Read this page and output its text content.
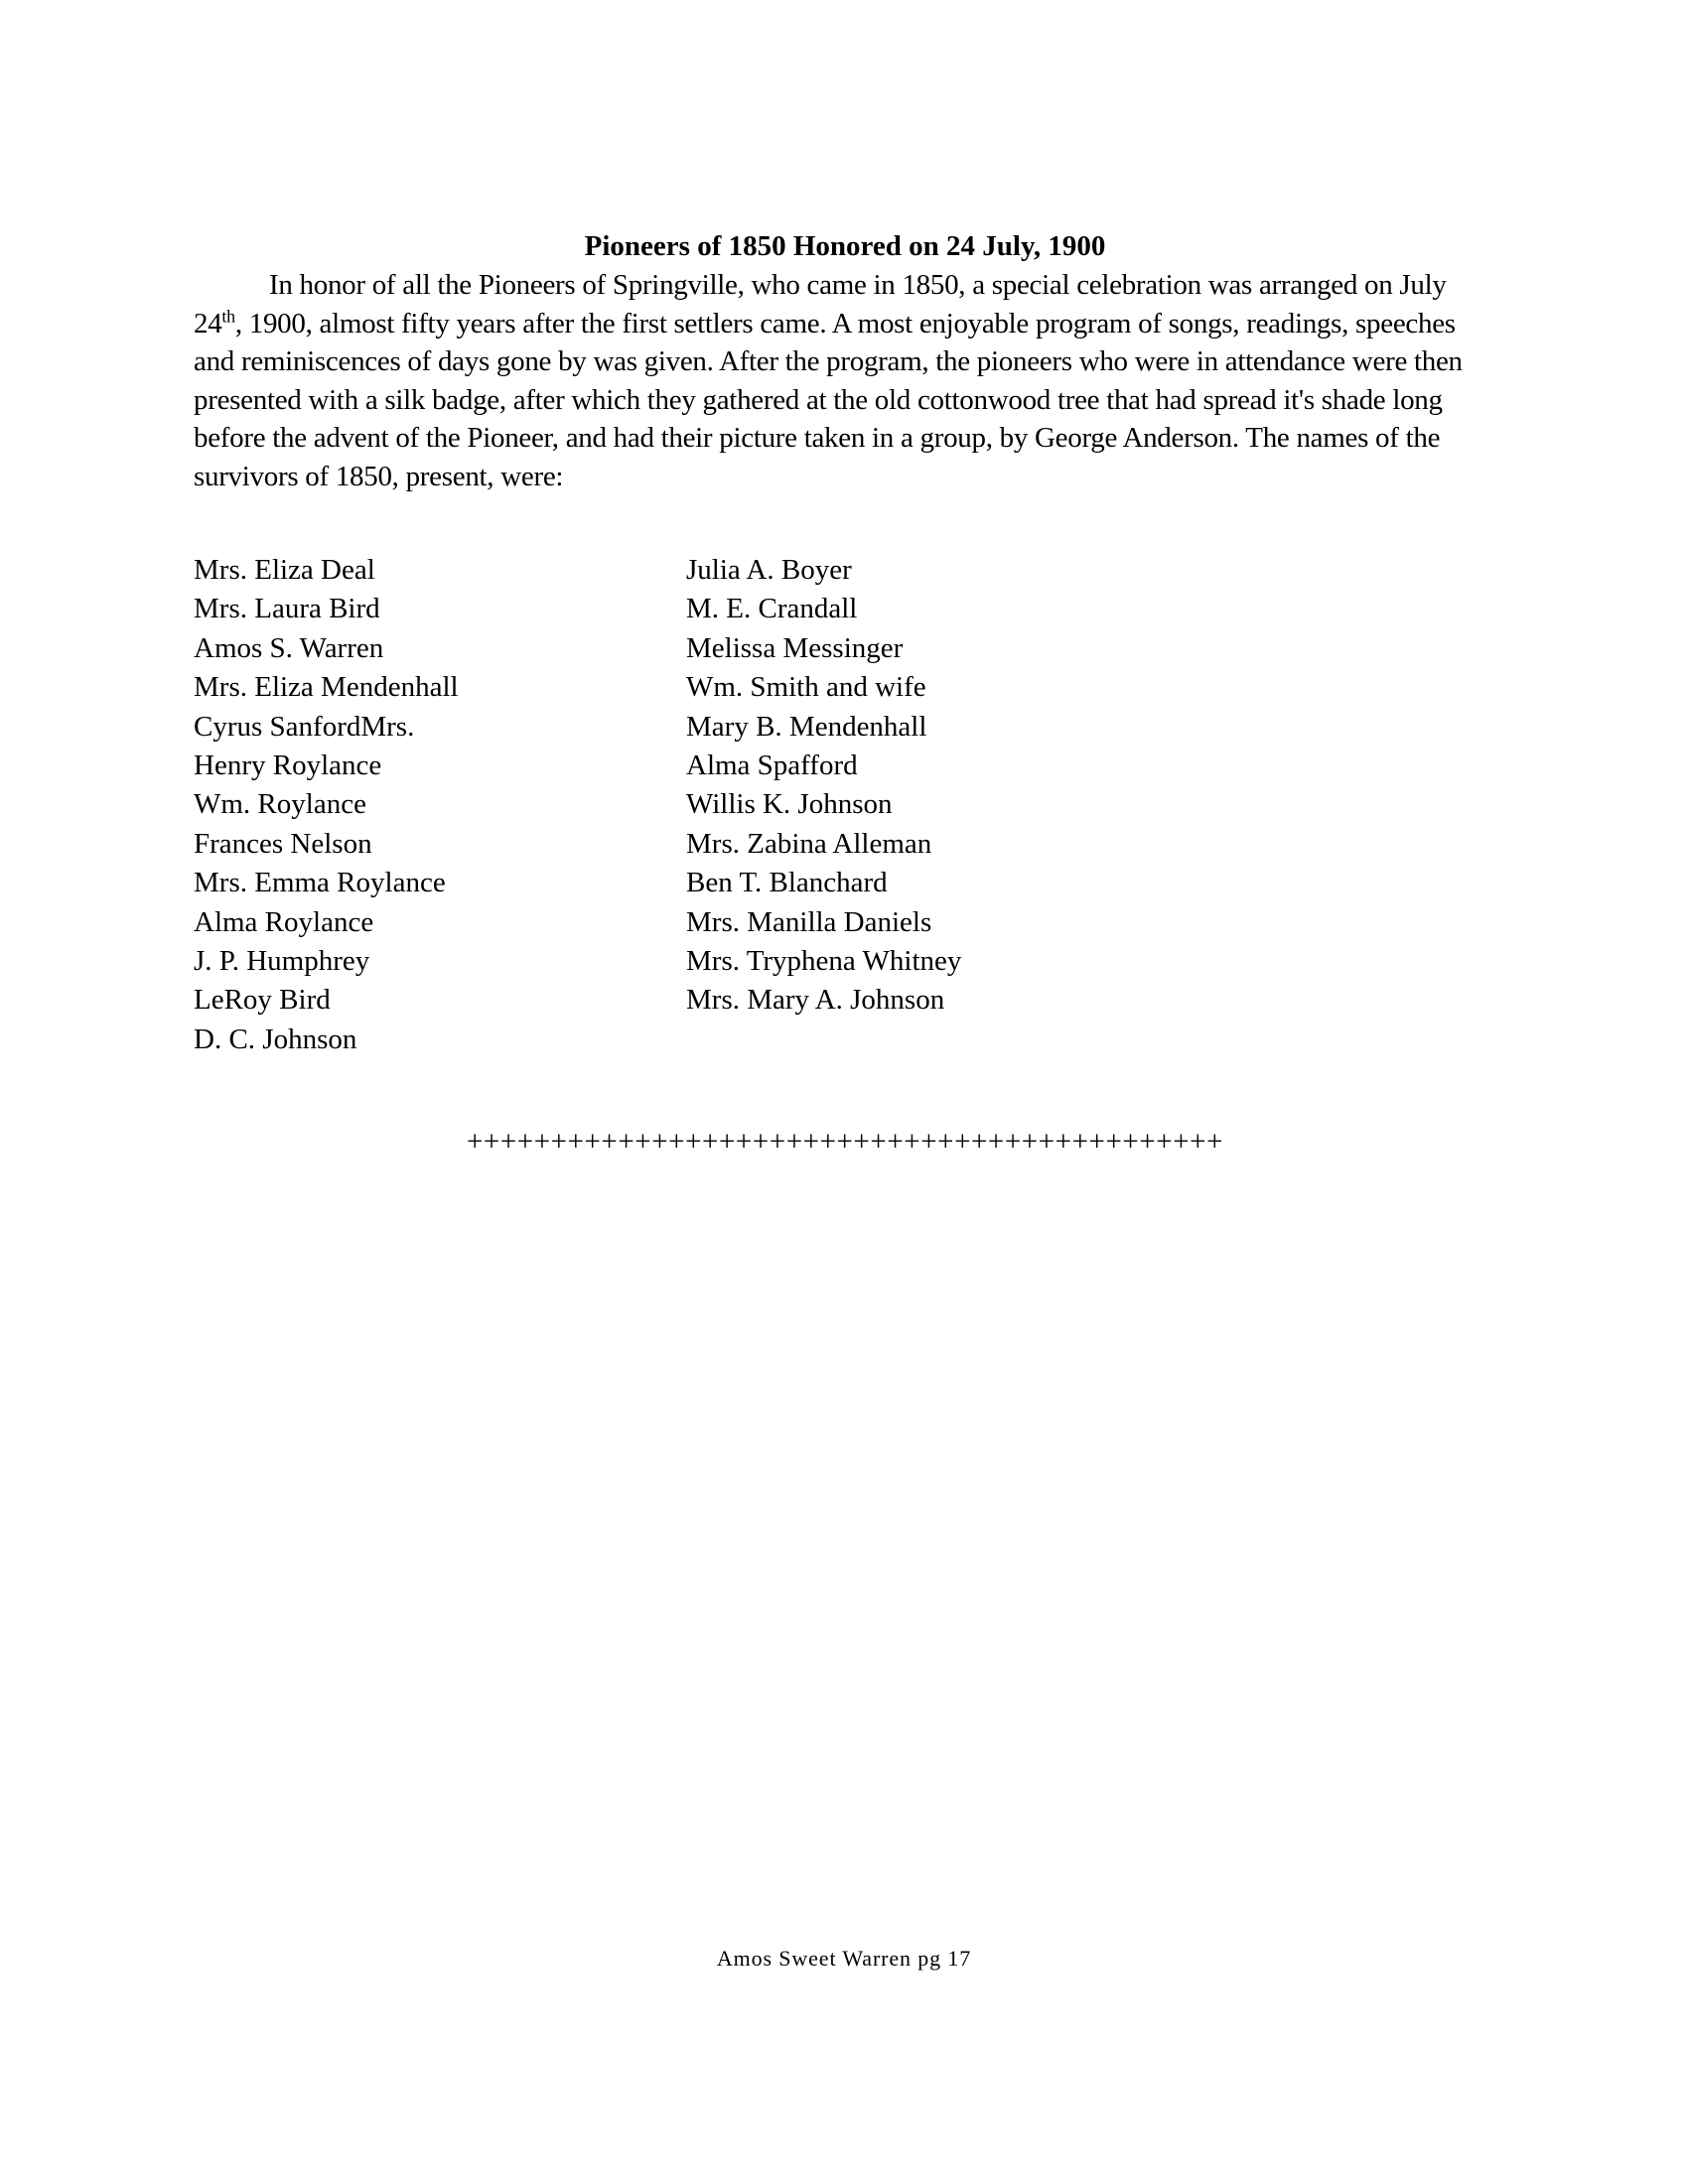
Pioneers of 1850 Honored on 24 July, 1900

In honor of all the Pioneers of Springville, who came in 1850, a special celebration was arranged on July 24th, 1900, almost fifty years after the first settlers came. A most enjoyable program of songs, readings, speeches and reminiscences of days gone by was given. After the program, the pioneers who were in attendance were then presented with a silk badge, after which they gathered at the old cottonwood tree that had spread it's shade long before the advent of the Pioneer, and had their picture taken in a group, by George Anderson. The names of the survivors of 1850, present, were:

Mrs. Eliza Deal
Mrs. Laura Bird
Amos S. Warren
Mrs. Eliza Mendenhall
Cyrus SanfordMrs.
Henry Roylance
Wm. Roylance
Frances Nelson
Mrs. Emma Roylance
Alma Roylance
J. P. Humphrey
LeRoy Bird
D. C. Johnson
Julia A. Boyer
M. E. Crandall
Melissa Messinger
Wm. Smith and wife
Mary B. Mendenhall
Alma Spafford
Willis K. Johnson
Mrs. Zabina Alleman
Ben T. Blanchard
Mrs. Manilla Daniels
Mrs. Tryphena Whitney
Mrs. Mary A. Johnson
+++++++++++++++++++++++++++++++++++++++++++++
Amos Sweet Warren pg 17
